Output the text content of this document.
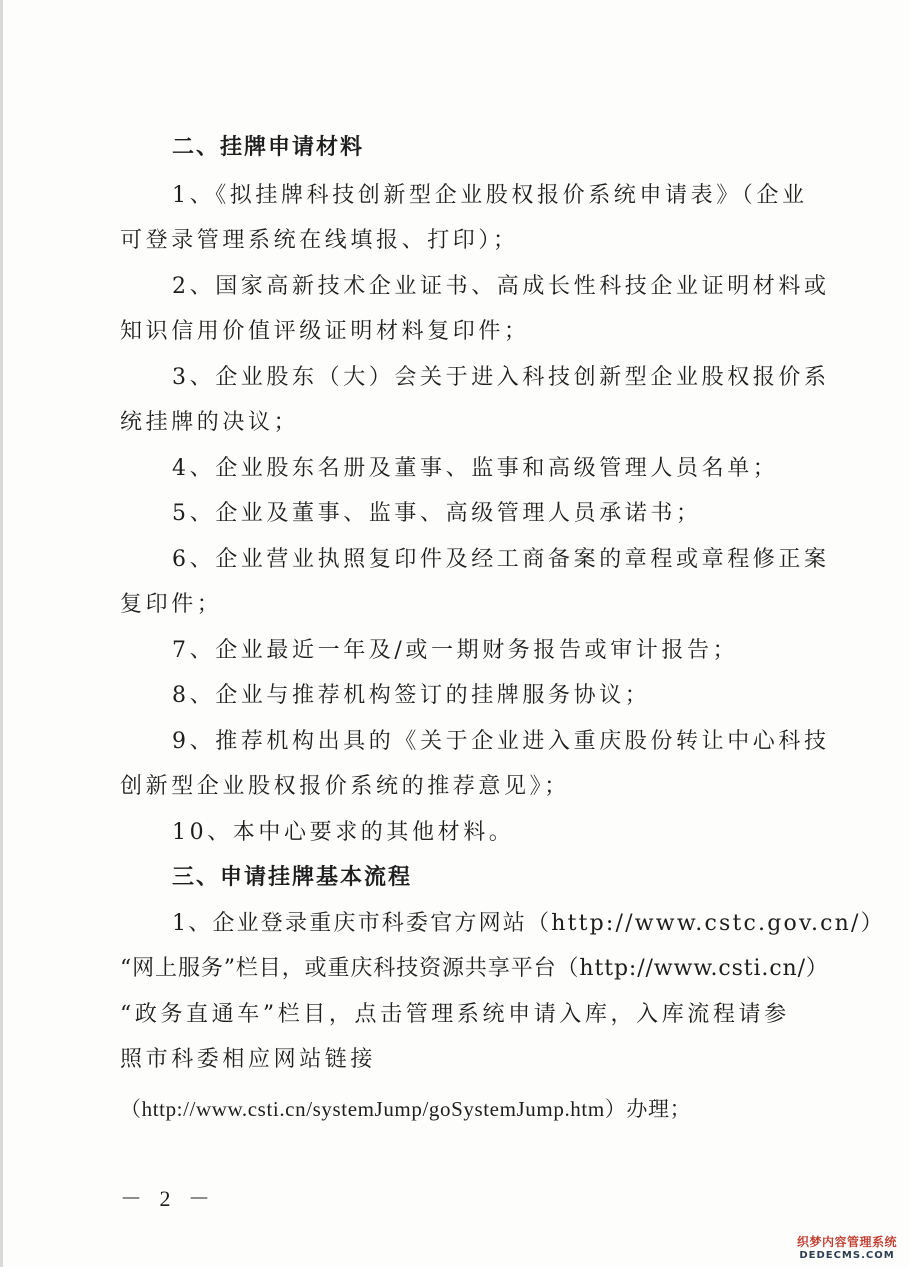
二、挂牌申请材料
1、《拟挂牌科技创新型企业股权报价系统申请表》（企业
可登录管理系统在线填报、打印）；
2、国家高新技术企业证书、高成长性科技企业证明材料或
知识信用价值评级证明材料复印件；
3、企业股东（大）会关于进入科技创新型企业股权报价系
统挂牌的决议；
4、企业股东名册及董事、监事和高级管理人员名单；
5、企业及董事、监事、高级管理人员承诺书；
6、企业营业执照复印件及经工商备案的章程或章程修正案
复印件；
7、企业最近一年及/或一期财务报告或审计报告；
8、企业与推荐机构签订的挂牌服务协议；
9、推荐机构出具的《关于企业进入重庆股份转让中心科技
创新型企业股权报价系统的推荐意见》；
10、本中心要求的其他材料。
三、申请挂牌基本流程
1、企业登录重庆市科委官方网站（http://www.cstc.gov.cn/）
“网上服务”栏目，或重庆科技资源共享平台（http://www.csti.cn/）
“政务直通车”栏目，点击管理系统申请入库，入库流程请参
照市科委相应网站链接
（http://www.csti.cn/systemJump/goSystemJump.htm）办理；
－ 2 －
织梦内容管理系统
DEDECMS.COM
